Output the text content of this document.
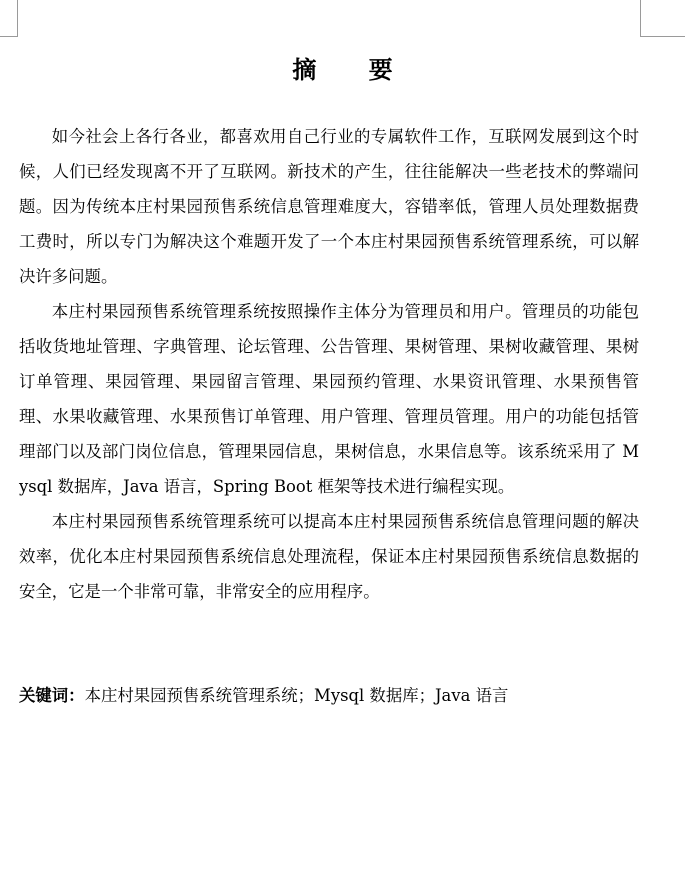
摘 要

如今社会上各行各业，都喜欢用自己行业的专属软件工作，互联网发展到这个时候，人们已经发现离不开了互联网。新技术的产生，往往能解决一些老技术的弊端问题。因为传统本庄村果园预售系统信息管理难度大，容错率低，管理人员处理数据费工费时，所以专门为解决这个难题开发了一个本庄村果园预售系统管理系统，可以解决许多问题。

本庄村果园预售系统管理系统按照操作主体分为管理员和用户。管理员的功能包括收货地址管理、字典管理、论坛管理、公告管理、果树管理、果树收藏管理、果树订单管理、果园管理、果园留言管理、果园预约管理、水果资讯管理、水果预售管理、水果收藏管理、水果预售订单管理、用户管理、管理员管理。用户的功能包括管理部门以及部门岗位信息，管理果园信息，果树信息，水果信息等。该系统采用了 Mysql 数据库，Java 语言，Spring Boot 框架等技术进行编程实现。

本庄村果园预售系统管理系统可以提高本庄村果园预售系统信息管理问题的解决效率，优化本庄村果园预售系统信息处理流程，保证本庄村果园预售系统信息数据的安全，它是一个非常可靠，非常安全的应用程序。

关键词：本庄村果园预售系统管理系统；Mysql 数据库；Java 语言
